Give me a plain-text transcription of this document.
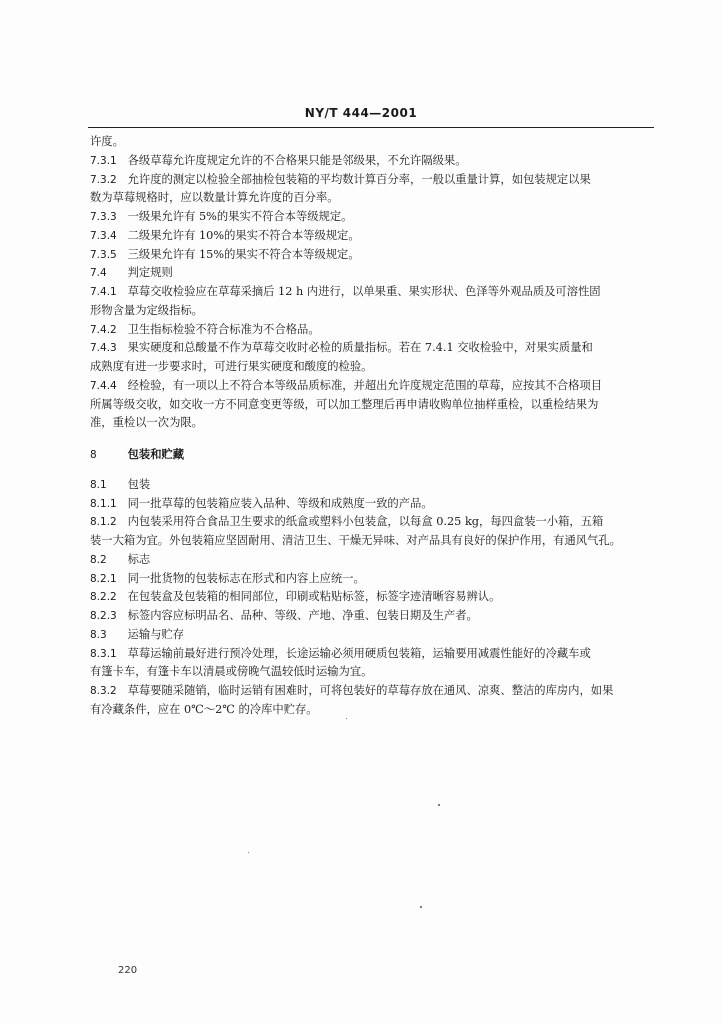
NY/T 444—2001
许度。
7.3.1 各级草莓允许度规定允许的不合格果只能是邻级果，不允许隔级果。
7.3.2 允许度的测定以检验全部抽检包装箱的平均数计算百分率，一般以重量计算，如包装规定以果
数为草莓规格时，应以数量计算允许度的百分率。
7.3.3 一级果允许有 5%的果实不符合本等级规定。
7.3.4 二级果允许有 10%的果实不符合本等级规定。
7.3.5 三级果允许有 15%的果实不符合本等级规定。
7.4 判定规则
7.4.1 草莓交收检验应在草莓采摘后 12 h 内进行，以单果重、果实形状、色泽等外观品质及可溶性固
形物含量为定级指标。
7.4.2 卫生指标检验不符合标准为不合格品。
7.4.3 果实硬度和总酸量不作为草莓交收时必检的质量指标。若在 7.4.1 交收检验中，对果实质量和
成熟度有进一步要求时，可进行果实硬度和酸度的检验。
7.4.4 经检验，有一项以上不符合本等级品质标准，并超出允许度规定范围的草莓，应按其不合格项目
所属等级交收，如交收一方不同意变更等级，可以加工整理后再申请收购单位抽样重检，以重检结果为
准，重检以一次为限。
8	包装和贮藏
8.1 包装
8.1.1 同一批草莓的包装箱应装入品种、等级和成熟度一致的产品。
8.1.2 内包装采用符合食品卫生要求的纸盒或塑料小包装盒，以每盒 0.25 kg，每四盒装一小箱，五箱
装一大箱为宜。外包装箱应坚固耐用、清洁卫生、干燥无异味、对产品具有良好的保护作用，有通风气孔。
8.2 标志
8.2.1 同一批货物的包装标志在形式和内容上应统一。
8.2.2 在包装盒及包装箱的相同部位，印刷或粘贴标签，标签字迹清晰容易辨认。
8.2.3 标签内容应标明品名、品种、等级、产地、净重、包装日期及生产者。
8.3 运输与贮存
8.3.1 草莓运输前最好进行预冷处理，长途运输必须用硬质包装箱，运输要用减震性能好的冷藏车或
有篷卡车，有篷卡车以清晨或傍晚气温较低时运输为宜。
8.3.2 草莓要随采随销，临时运销有困难时，可将包装好的草莓存放在通风、凉爽、整洁的库房内，如果
有冷藏条件，应在 0℃～2℃ 的冷库中贮存。
220
